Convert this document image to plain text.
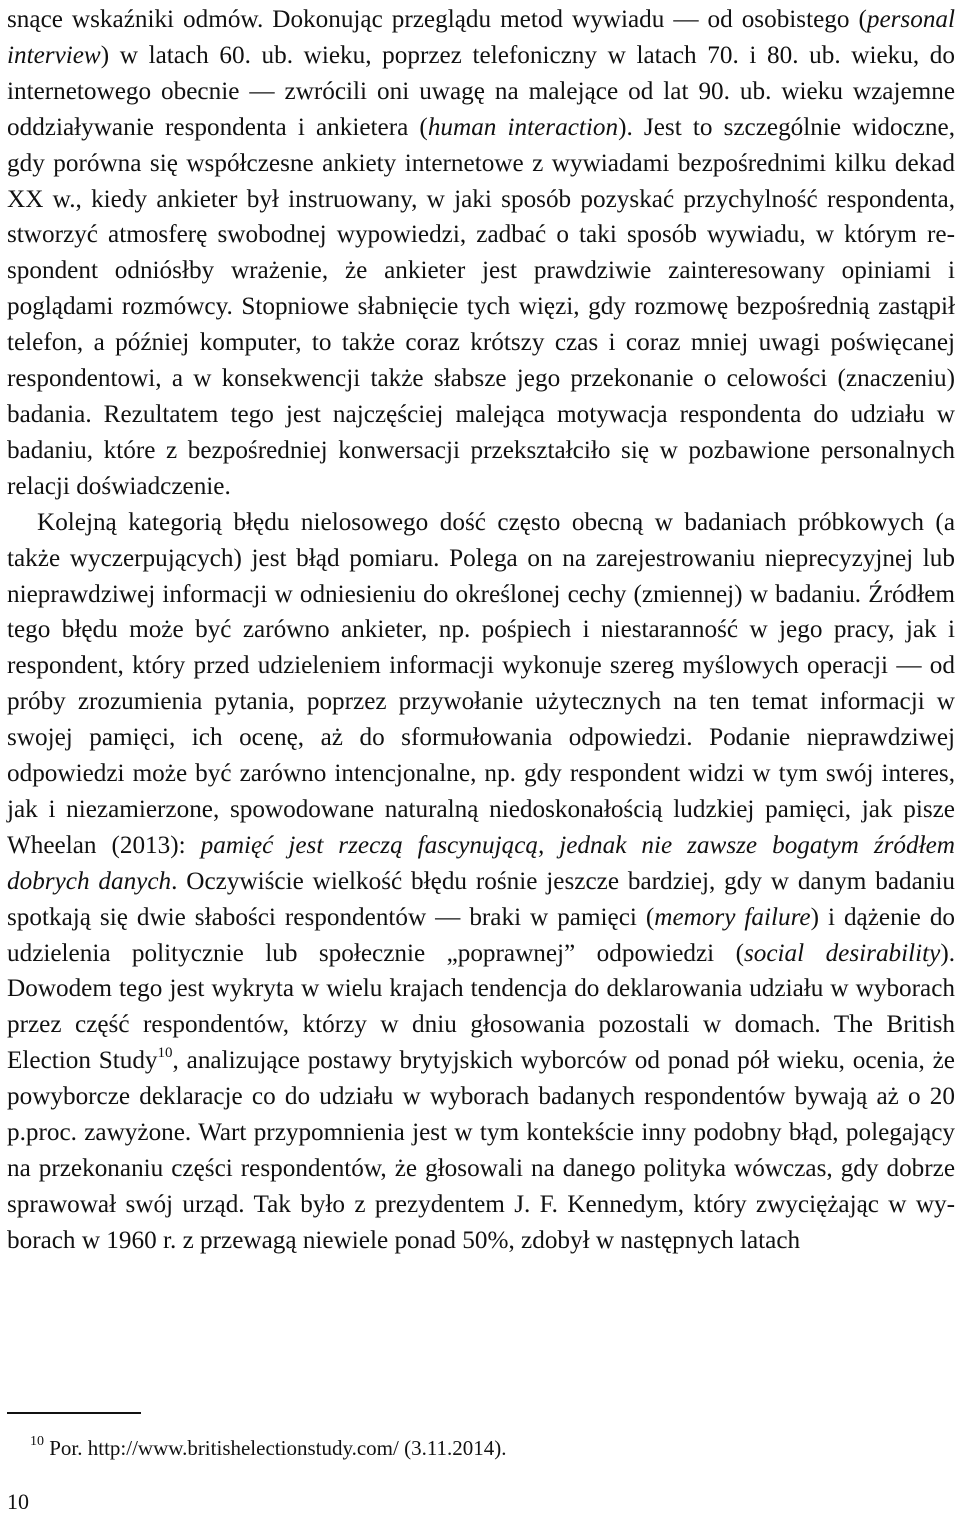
snące wskaźniki odmów. Dokonując przeglądu metod wywiadu — od osobistego (personal interview) w latach 60. ub. wieku, poprzez telefoniczny w latach 70. i 80. ub. wieku, do internetowego obecnie — zwrócili oni uwagę na malejące od lat 90. ub. wieku wzajemne oddziaływanie respondenta i ankietera (human interaction). Jest to szczególnie widoczne, gdy porówna się współczesne ankiety internetowe z wywiadami bezpośrednimi kilku dekad XX w., kiedy ankieter był instruowany, w jaki sposób pozyskać przychylność respondenta, stworzyć atmosferę swobodnej wypowiedzi, zadbać o taki sposób wywiadu, w którym respondent odniósłby wrażenie, że ankieter jest prawdziwie zainteresowany opiniami i poglądami rozmówcy. Stopniowe słabnięcie tych więzi, gdy rozmowę bezpośrednią zastąpił telefon, a później komputer, to także coraz krótszy czas i coraz mniej uwagi poświęcanej respondentowi, a w konsekwencji także słabsze jego przekonanie o celowości (znaczeniu) badania. Rezultatem tego jest najczęściej malejąca motywacja respondenta do udziału w badaniu, które z bezpośredniej konwersacji przekształciło się w pozbawione personalnych relacji doświadczenie.

Kolejną kategorią błędu nielosowego dość często obecną w badaniach próbkowych (a także wyczerpujących) jest błąd pomiaru. Polega on na zarejestrowaniu nieprecyzyjnej lub nieprawdziwej informacji w odniesieniu do określonej cechy (zmiennej) w badaniu. Źródłem tego błędu może być zarówno ankieter, np. pośpiech i niestaranność w jego pracy, jak i respondent, który przed udzieleniem informacji wykonuje szereg myślowych operacji — od próby zrozumienia pytania, poprzez przywołanie użytecznych na ten temat informacji w swojej pamięci, ich ocenę, aż do sformułowania odpowiedzi. Podanie nieprawdziwej odpowiedzi może być zarówno intencjonalne, np. gdy respondent widzi w tym swój interes, jak i niezamierzone, spowodowane naturalną niedoskonałością ludzkiej pamięci, jak pisze Wheelan (2013): pamięć jest rzeczą fascynującą, jednak nie zawsze bogatym źródłem dobrych danych. Oczywiście wielkość błędu rośnie jeszcze bardziej, gdy w danym badaniu spotkają się dwie słabości respondentów — braki w pamięci (memory failure) i dążenie do udzielenia politycznie lub społecznie „poprawnej” odpowiedzi (social desirability). Dowodem tego jest wykryta w wielu krajach tendencja do deklarowania udziału w wyborach przez część respondentów, którzy w dniu głosowania pozostali w domach. The British Election Study$^{10}$, analizujące postawy brytyjskich wyborców od ponad pół wieku, ocenia, że powyborcze deklaracje co do udziału w wyborach badanych respondentów bywają aż o 20 p.proc. zawyżone. Wart przypomnienia jest w tym kontekście inny podobny błąd, polegający na przekonaniu części respondentów, że głosowali na danego polityka wówczas, gdy dobrze sprawował swój urząd. Tak było z prezydentem J. F. Kennedym, który zwyciężając w wyborach w 1960 r. z przewagą niewiele ponad 50%, zdobył w następnych latach

$^{10}$ Por. http://www.britishelectionstudy.com/ (3.11.2014).

10
